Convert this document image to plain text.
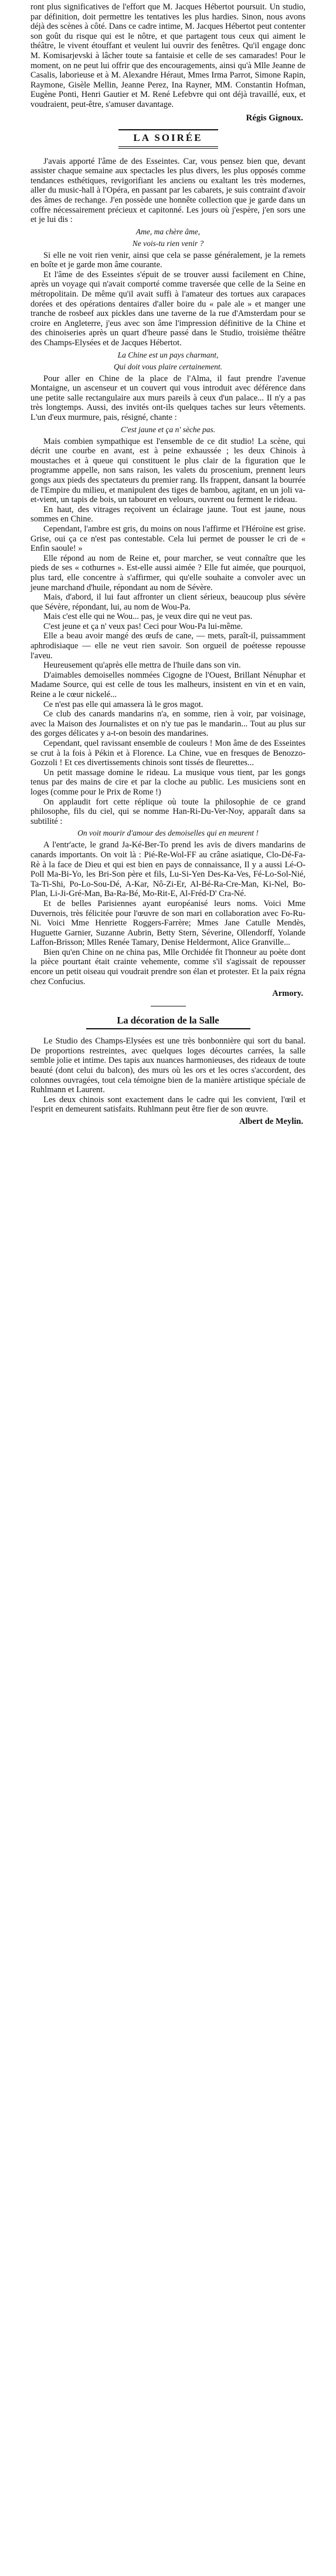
ront plus significatives de l'effort que M. Jacques Hébertot poursuit. Un studio, par définition, doit permettre les tentatives les plus hardies. Sinon, nous avons déjà des scènes à côté. Dans ce cadre intime, M. Jacques Hébertot peut contenter son goût du risque qui est le nôtre, et que partagent tous ceux qui aiment le théâtre, le vivent étouffant et veulent lui ouvrir des fenêtres. Qu'il engage donc M. Komisarjevski à lâcher toute sa fantaisie et celle de ses camarades! Pour le moment, on ne peut lui offrir que des encouragements, ainsi qu'à Mlle Jeanne de Casalis, laborieuse et à M. Alexandre Héraut, Mmes Irma Parrot, Simone Rapin, Raymone, Gisèle Mellin, Jeanne Perez, Ina Rayner, MM. Constantin Hofman, Eugène Ponti, Henri Gautier et M. René Lefebvre qui ont déjà travaillé, eux, et voudraient, peut-être, s'amuser davantage.

Régis Gignoux.
LA SOIRÉE

J'avais apporté l'âme de des Esseintes. Car, vous pensez bien que, devant assister chaque semaine aux spectacles les plus divers, les plus opposés comme tendances esthétiques, revigorifiant les anciens ou exaltant les très modernes, aller du music-hall à l'Opéra, en passant par les cabarets, je suis contraint d'avoir des âmes de rechange. J'en possède une honnête collection que je garde dans un coffre nécessairement précieux et capitonné. Les jours où j'espère, j'en sors une et je lui dis :

Ame, ma chère âme,
Ne vois-tu rien venir ?

Si elle ne voit rien venir, ainsi que cela se passe généralement, je la remets en boîte et je garde mon âme courante.

Et l'âme de des Esseintes s'épuit de se trouver aussi facilement en Chine, après un voyage qui n'avait comporté comme traversée que celle de la Seine en métropolitain. De même qu'il avait suffi à l'amateur des tortues aux carapaces dorées et des opérations dentaires d'aller boire du « pale ale » et manger une tranche de rosbeef aux pickles dans une taverne de la rue d'Amsterdam pour se croire en Angleterre, j'eus avec son âme l'impression définitive de la Chine et des chinoiseries après un quart d'heure passé dans le Studio, troisième théâtre des Champs-Elysées et de Jacques Hébertot.

La Chine est un pays charmant,
Qui doit vous plaire certainement.

Pour aller en Chine de la place de l'Alma, il faut prendre l'avenue Montaigne, un ascenseur et un couvert qui vous introduit avec déférence dans une petite salle rectangulaire aux murs pareils à ceux d'un palace... Il n'y a pas très longtemps. Aussi, des invités ont-ils quelques taches sur leurs vêtements. L'un d'eux murmure, pais, résigné, chante :

C'est jaune et ça n' sèche pas.

Mais combien sympathique est l'ensemble de ce dit studio! La scène, qui décrit une courbe en avant, est à peine exhaussée ; les deux Chinois à moustaches et à queue qui constituent le plus clair de la figuration que le programme appelle, non sans raison, les valets du proscenium, prennent leurs gongs aux pieds des spectateurs du premier rang. Ils frappent, dansant la bourrée de l'Empire du milieu, et manipulent des tiges de bambou, agitant, en un joli va-et-vient, un tapis de bois, un tabouret en velours, ouvrent ou ferment le rideau.

En haut, des vitrages reçoivent un éclairage jaune. Tout est jaune, nous sommes en Chine.

Cependant, l'ambre est gris, du moins on nous l'affirme et l'Héroïne est grise. Grise, oui ça ce n'est pas contestable. Cela lui permet de pousser le cri de « Enfin saoule! »

Elle répond au nom de Reine et, pour marcher, se veut connaître que les pieds de ses « cothurnes ». Est-elle aussi aimée ? Elle fut aimée, que pourquoi, plus tard, elle concentre à s'affirmer, qui qu'elle souhaite a convoler avec un jeune marchand d'huile, répondant au nom de Sévère.

Mais, d'abord, il lui faut affronter un client sérieux, beaucoup plus sévère que Sévère, répondant, lui, au nom de Wou-Pa.

Mais c'est elle qui ne Wou... pas, je veux dire qui ne veut pas.

C'est jeune et ça n' veux pas! Ceci pour Wou-Pa lui-même.

Elle a beau avoir mangé des œufs de cane, — mets, paraît-il, puissamment aphrodisiaque — elle ne veut rien savoir. Son orgueil de poétesse repousse l'aveu.

Heureusement qu'après elle mettra de l'huile dans son vin.

D'aimables demoiselles nommées Cigogne de l'Ouest, Brillant Nénuphar et Madame Source, qui est celle de tous les malheurs, insistent en vin et en vain, Reine a le cœur nickelé...

Ce n'est pas elle qui amassera là le gros magot.

Ce club des canards mandarins n'a, en somme, rien à voir, par voisinage, avec la Maison des Journalistes et on n'y tue pas le mandarin... Tout au plus sur des gorges délicates y a-t-on besoin des mandarines.

Cependant, quel ravissant ensemble de couleurs ! Mon âme de des Esseintes se crut à la fois à Pékin et à Florence. La Chine, vue en fresques de Benozzo-Gozzoli ! Et ces divertissements chinois sont tissés de fleurettes...

Un petit massage domine le rideau. La musique vous tient, par les gongs tenus par des mains de cire et par la cloche au public. Les musiciens sont en loges (comme pour le Prix de Rome !)

On applaudit fort cette réplique où toute la philosophie de ce grand philosophe, fils du ciel, qui se nomme Han-Ri-Du-Ver-Noy, apparaît dans sa subtilité :

On voit mourir d'amour des demoiselles qui en meurent !

A l'entr'acte, le grand Ja-Ké-Ber-To prend les avis de divers mandarins de canards importants. On voit là : Pié-Re-Wol-FF au crâne asiatique, Clo-Dé-Fa-Rè à la face de Dieu et qui est bien en pays de connaissance, Il y a aussi Lé-O-Poll Ma-Bi-Yo, les Bri-Son père et fils, Lu-Si-Yen Des-Ka-Ves, Fé-Lo-Sol-Nié, Ta-Ti-Shi, Po-Lo-Sou-Dé, A-Kar, Nô-Zi-Er, Al-Bé-Ra-Cre-Man, Ki-Nel, Bo-Plan, Li-Ji-Gré-Man, Ba-Ra-Bé, Mo-Rit-E, Al-Fréd-D' Cra-Né.

Et de belles Parisiennes ayant européanisé leurs noms. Voici Mme Duvernois, très félicitée pour l'œuvre de son mari en collaboration avec Fo-Ru-Ni. Voici Mme Henriette Roggers-Farrère; Mmes Jane Catulle Mendès, Huguette Garnier, Suzanne Aubrin, Betty Stern, Séverine, Ollendorff, Yolande Laffon-Brisson; Mlles Renée Tamary, Denise Heldermont, Alice Granville...

Bien qu'en Chine on ne china pas, Mlle Orchidée fit l'honneur au poète dont la pièce pourtant était crainte vehemente, comme s'il s'agissait de repousser encore un petit oiseau qui voudrait prendre son élan et protester. Et la paix régna chez Confucius.

Armory.
La décoration de la Salle

Le Studio des Champs-Elysées est une très bonbonnière qui sort du banal. De proportions restreintes, avec quelques loges décourtes carrées, la salle semble jolie et intime. Des tapis aux nuances harmonieuses, des rideaux de toute beauté (dont celui du balcon), des murs où les ors et les ocres s'accordent, des colonnes ouvragées, tout cela témoigne bien de la manière artistique spéciale de Ruhlmann et Laurent.

Les deux chinois sont exactement dans le cadre qui les convient, l'œil et l'esprit en demeurent satisfaits. Ruhlmann peut être fier de son œuvre.

Albert de Meylin.
